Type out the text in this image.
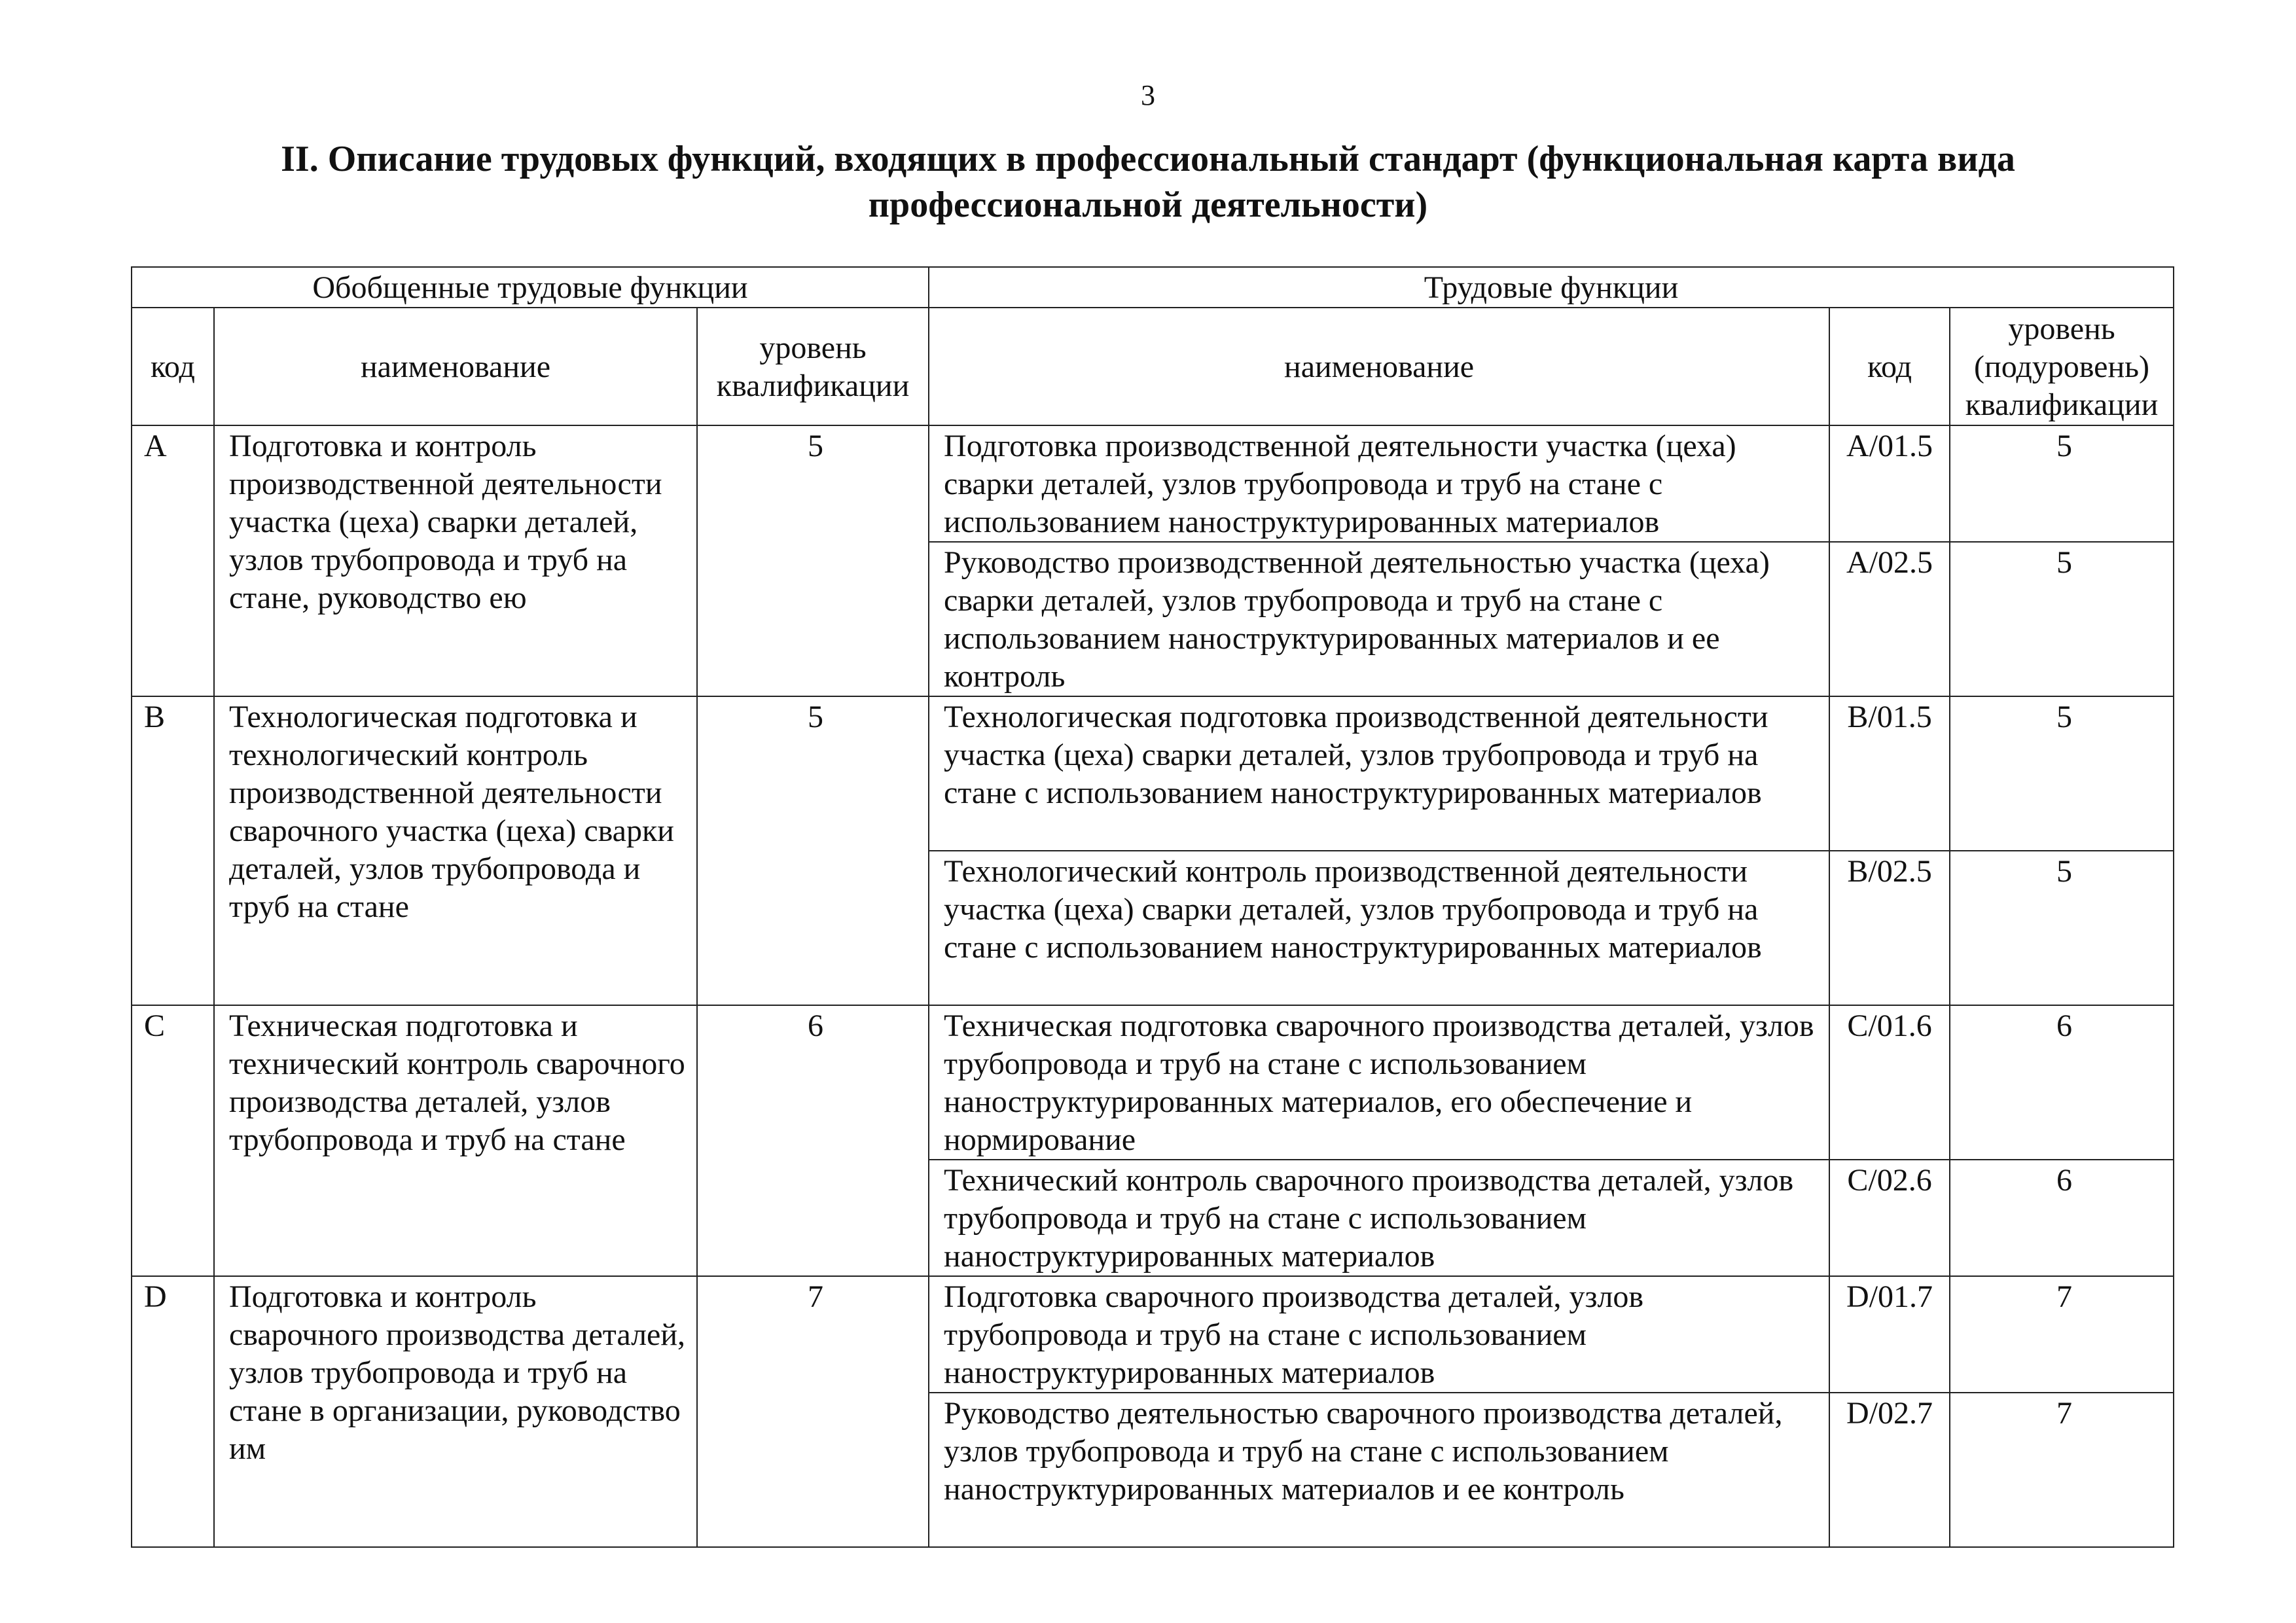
3
II. Описание трудовых функций, входящих в профессиональный стандарт (функциональная карта вида профессиональной деятельности)
Обобщенные трудовые функции			Трудовые функции		
код	наименование	уровень квалификации	наименование	код	уровень (подуровень) квалификации
A	Подготовка и контроль производственной деятельности участка (цеха) сварки деталей, узлов трубопровода и труб на стане, руководство ею	5	Подготовка производственной деятельности участка (цеха) сварки деталей, узлов трубопровода и труб на стане с использованием наноструктурированных материалов	A/01.5	5
			Руководство производственной деятельностью участка (цеха) сварки деталей, узлов трубопровода и труб на стане с использованием наноструктурированных материалов и ее контроль	A/02.5	5
B	Технологическая подготовка и технологический контроль производственной деятельности сварочного участка (цеха) сварки деталей, узлов трубопровода и труб на стане	5	Технологическая подготовка производственной деятельности участка (цеха) сварки деталей, узлов трубопровода и труб на стане с использованием наноструктурированных материалов	B/01.5	5
			Технологический контроль производственной деятельности участка (цеха) сварки деталей, узлов трубопровода и труб на стане с использованием наноструктурированных материалов	B/02.5	5
C	Техническая подготовка и технический контроль сварочного производства деталей, узлов трубопровода и труб на стане	6	Техническая подготовка сварочного производства деталей, узлов трубопровода и труб на стане с использованием наноструктурированных материалов, его обеспечение и нормирование	C/01.6	6
			Технический контроль сварочного производства деталей, узлов трубопровода и труб на стане с использованием наноструктурированных материалов	C/02.6	6
D	Подготовка и контроль сварочного производства деталей, узлов трубопровода и труб на стане в организации, руководство им	7	Подготовка сварочного производства деталей, узлов трубопровода и труб на стане с использованием наноструктурированных материалов	D/01.7	7
			Руководство деятельностью сварочного производства деталей, узлов трубопровода и труб на стане с использованием наноструктурированных материалов и ее контроль	D/02.7	7
